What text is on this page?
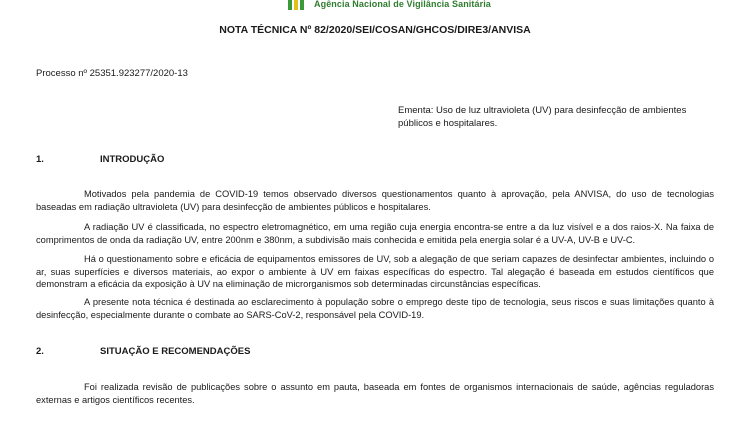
Agência Nacional de Vigilância Sanitária
NOTA TÉCNICA Nº 82/2020/SEI/COSAN/GHCOS/DIRE3/ANVISA
Processo nº 25351.923277/2020-13
Ementa: Uso de luz ultravioleta (UV) para desinfecção de ambientes públicos e hospitalares.
1.	INTRODUÇÃO
Motivados pela pandemia de COVID-19 temos observado diversos questionamentos quanto à aprovação, pela ANVISA, do uso de tecnologias baseadas em radiação ultravioleta (UV) para desinfecção de ambientes públicos e hospitalares.
A radiação UV é classificada, no espectro eletromagnético, em uma região cuja energia encontra-se entre a da luz visível e a dos raios-X. Na faixa de comprimentos de onda da radiação UV, entre 200nm e 380nm, a subdivisão mais conhecida e emitida pela energia solar é a UV-A, UV-B e UV-C.
Há o questionamento sobre e eficácia de equipamentos emissores de UV, sob a alegação de que seriam capazes de desinfectar ambientes, incluindo o ar, suas superfícies e diversos materiais, ao expor o ambiente à UV em faixas específicas do espectro. Tal alegação é baseada em estudos científicos que demonstram a eficácia da exposição à UV na eliminação de microrganismos sob determinadas circunstâncias específicas.
A presente nota técnica é destinada ao esclarecimento à população sobre o emprego deste tipo de tecnologia, seus riscos e suas limitações quanto à desinfecção, especialmente durante o combate ao SARS-CoV-2, responsável pela COVID-19.
2.	SITUAÇÃO E RECOMENDAÇÕES
Foi realizada revisão de publicações sobre o assunto em pauta, baseada em fontes de organismos internacionais de saúde, agências reguladoras externas e artigos científicos recentes.
